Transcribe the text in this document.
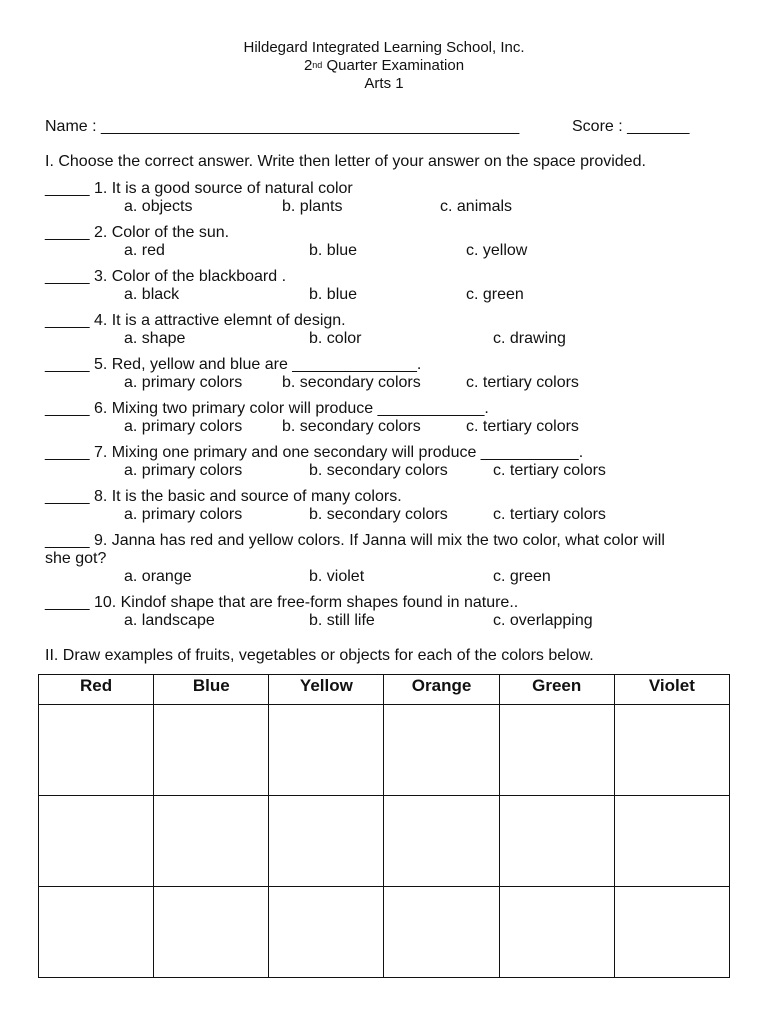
Hildegard Integrated Learning School, Inc.
2nd Quarter Examination
Arts 1
Name : _______________________________________________	Score : _______
I. Choose the correct answer. Write then letter of your answer on the space provided.
_____ 1. It is a good source of natural color
a. objects	b. plants	c. animals
_____ 2. Color of the sun.
a. red	b. blue	c. yellow
_____ 3. Color of the blackboard .
a. black	b. blue	c. green
_____ 4. It is a attractive elemnt of design.
a. shape	b. color	c. drawing
_____ 5. Red, yellow and blue are ______________.
a. primary colors b. secondary colors	c. tertiary colors
_____ 6. Mixing two primary color will produce ____________.
a. primary colors b. secondary colors	c. tertiary colors
_____ 7. Mixing one primary and one secondary will produce ___________.
a. primary colors	b. secondary colors	c. tertiary colors
_____ 8. It is the basic and source of many colors.
a. primary colors	b. secondary colors	c. tertiary colors
_____ 9. Janna has red and yellow colors. If Janna will mix the two color, what color will
she got?
a. orange	b. violet	c. green
_____ 10. Kindof shape that are free-form shapes found in nature..
a. landscape	b. still life	c. overlapping
II. Draw examples of fruits, vegetables or objects for each of the colors below.
Red	Blue	Yellow	Orange	Green	Violet
